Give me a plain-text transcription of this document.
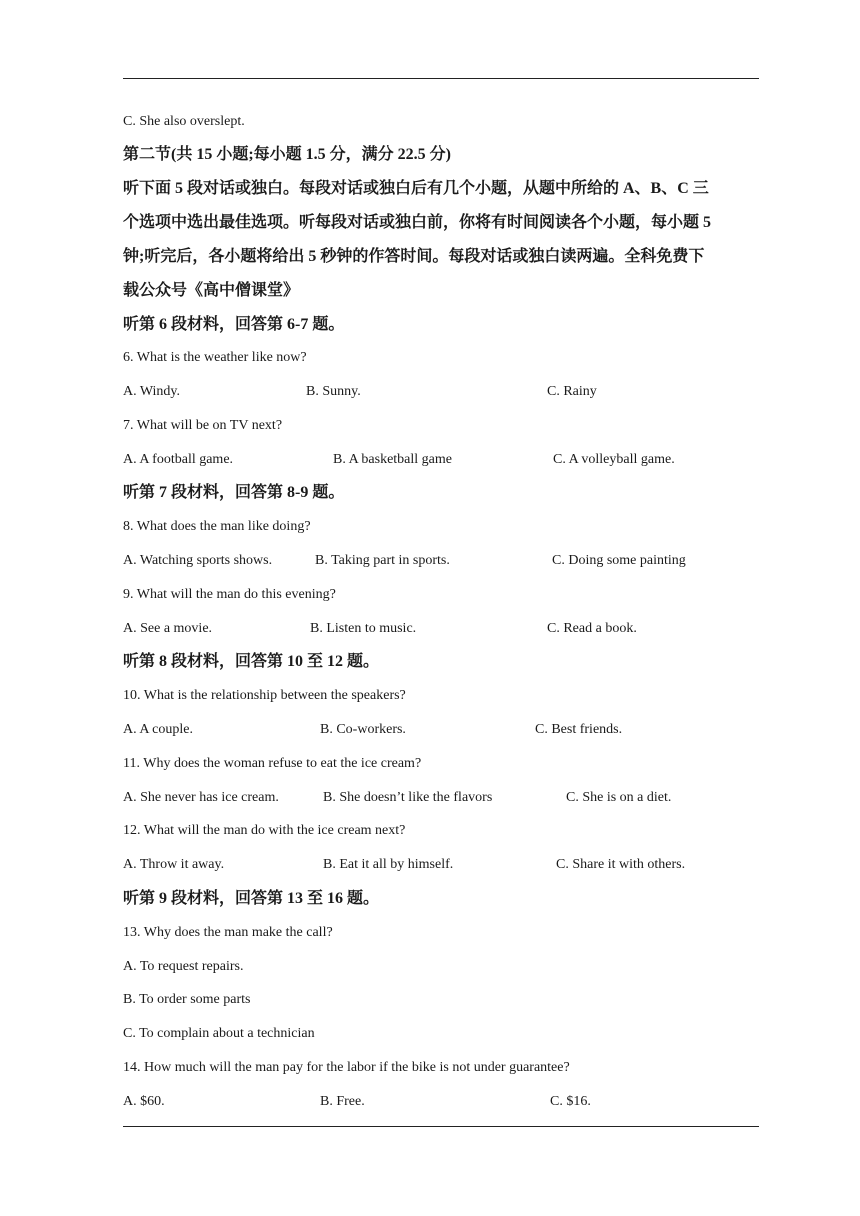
C. She also overslept.
第二节(共 15 小题;每小题 1.5 分，满分 22.5 分)
听下面 5 段对话或独白。每段对话或独白后有几个小题，从题中所给的 A、B、C 三
个选项中选出最佳选项。听每段对话或独白前，你将有时间阅读各个小题，每小题 5
钟;听完后，各小题将给出 5 秒钟的作答时间。每段对话或独白读两遍。全科免费下
载公众号《高中僧课堂》
听第 6 段材料，回答第 6-7 题。
6. What is the weather like now?
A. Windy.	B. Sunny.	C. Rainy
7. What will be on TV next?
A. A football game.	B. A basketball game	C. A volleyball game.
听第 7 段材料，回答第 8-9 题。
8. What does the man like doing?
A. Watching sports shows.	B. Taking part in sports.	C. Doing some painting
9. What will the man do this evening?
A. See a movie.	B. Listen to music.	C. Read a book.
听第 8 段材料，回答第 10 至 12 题。
10. What is the relationship between the speakers?
A. A couple.	B. Co-workers.	C. Best friends.
11. Why does the woman refuse to eat the ice cream?
A. She never has ice cream.	B. She doesn’t like the flavors	C. She is on a diet.
12. What will the man do with the ice cream next?
A. Throw it away.	B. Eat it all by himself.	C. Share it with others.
听第 9 段材料，回答第 13 至 16 题。
13. Why does the man make the call?
A. To request repairs.
B. To order some parts
C. To complain about a technician
14. How much will the man pay for the labor if the bike is not under guarantee?
A. $60.	B. Free.	C. $16.
